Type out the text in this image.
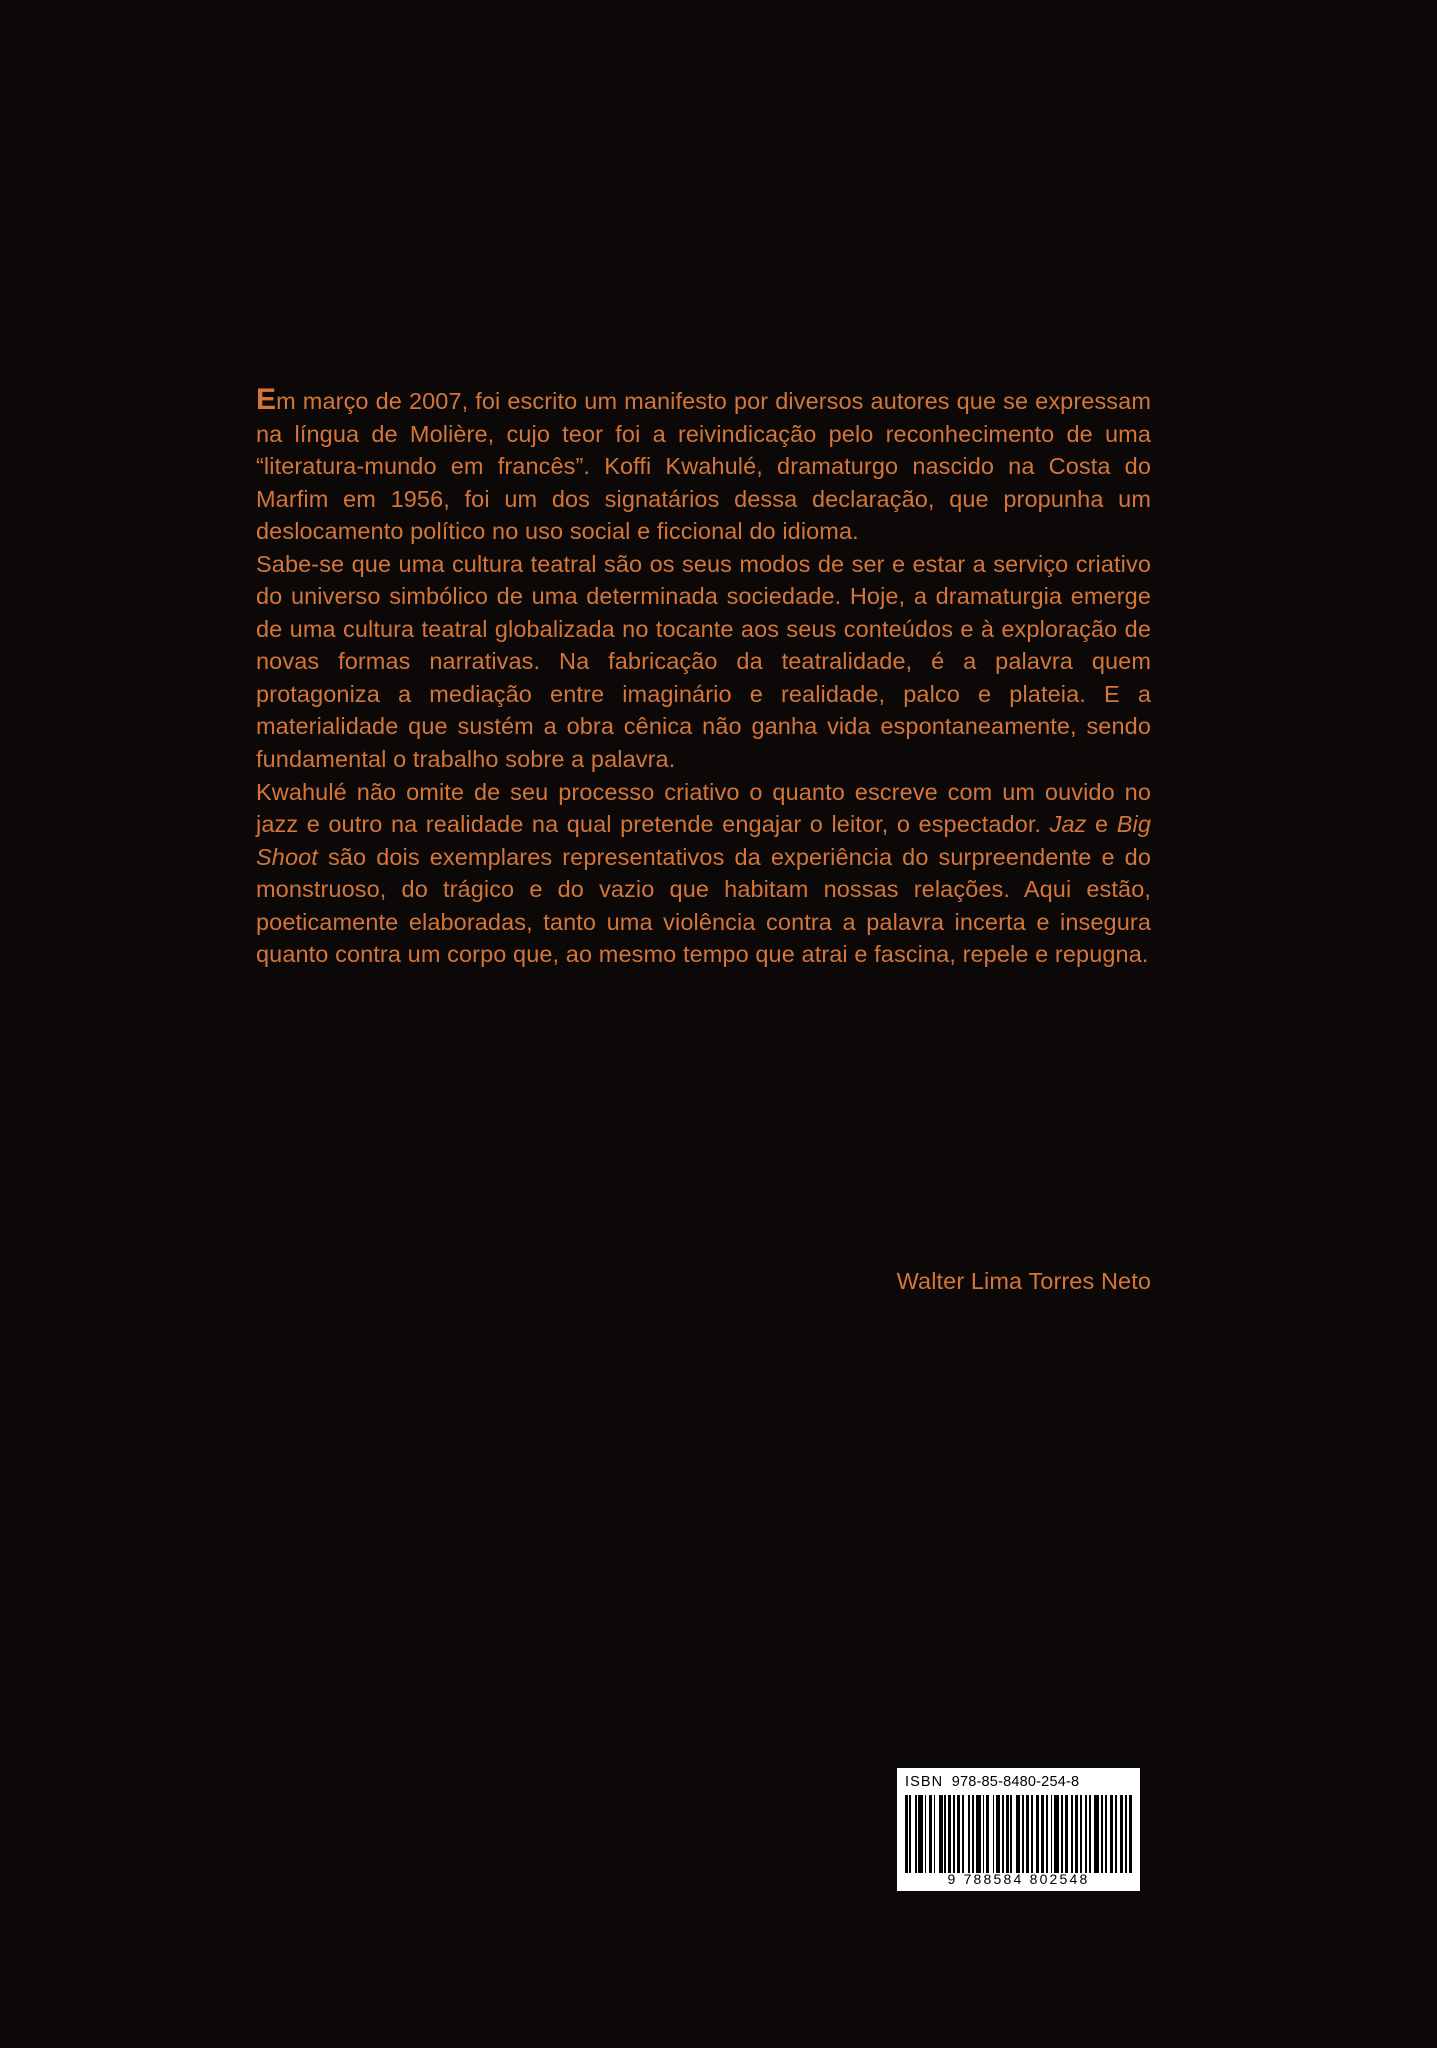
Em março de 2007, foi escrito um manifesto por diversos autores que se expressam na língua de Molière, cujo teor foi a reivindicação pelo reconhecimento de uma “literatura-mundo em francês”. Koffi Kwahulé, dramaturgo nascido na Costa do Marfim em 1956, foi um dos signatários dessa declaração, que propunha um deslocamento político no uso social e ficcional do idioma.

Sabe-se que uma cultura teatral são os seus modos de ser e estar a serviço criativo do universo simbólico de uma determinada sociedade. Hoje, a dramaturgia emerge de uma cultura teatral globalizada no tocante aos seus conteúdos e à exploração de novas formas narrativas. Na fabricação da teatralidade, é a palavra quem protagoniza a mediação entre imaginário e realidade, palco e plateia. E a materialidade que sustém a obra cênica não ganha vida espontaneamente, sendo fundamental o trabalho sobre a palavra.

Kwahulé não omite de seu processo criativo o quanto escreve com um ouvido no jazz e outro na realidade na qual pretende engajar o leitor, o espectador. Jaz e Big Shoot são dois exemplares representativos da experiência do surpreendente e do monstruoso, do trágico e do vazio que habitam nossas relações. Aqui estão, poeticamente elaboradas, tanto uma violência contra a palavra incerta e insegura quanto contra um corpo que, ao mesmo tempo que atrai e fascina, repele e repugna.

Walter Lima Torres Neto
ISBN 978-85-8480-254-8
9 788584 802548
